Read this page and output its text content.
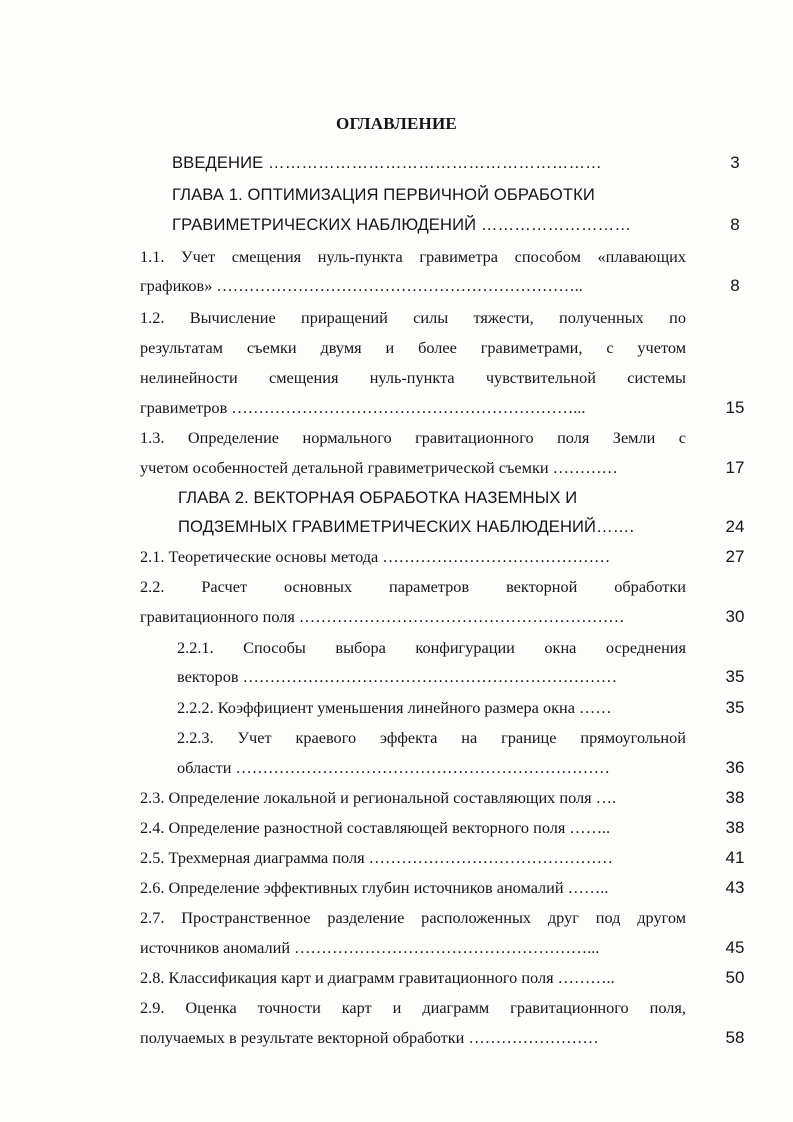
ОГЛАВЛЕНИЕ
ВВЕДЕНИЕ ……………………………………………………	3
ГЛАВА 1. ОПТИМИЗАЦИЯ ПЕРВИЧНОЙ ОБРАБОТКИ
ГРАВИМЕТРИЧЕСКИХ НАБЛЮДЕНИЙ ………………………	8
1.1. Учет смещения нуль-пункта гравиметра способом «плавающих
графиков» …………………………………………………………..	8
1.2. Вычисление приращений силы тяжести, полученных по
результатам съемки двумя и более гравиметрами, с учетом
нелинейности смещения нуль-пункта чувствительной системы
гравиметров ………………………………………………………...	15
1.3. Определение нормального гравитационного поля Земли с
учетом особенностей детальной гравиметрической съемки …………	17
ГЛАВА 2. ВЕКТОРНАЯ ОБРАБОТКА НАЗЕМНЫХ И
ПОДЗЕМНЫХ ГРАВИМЕТРИЧЕСКИХ НАБЛЮДЕНИЙ…….	24
2.1. Теоретические основы метода ……………………………………	27
2.2. Расчет основных параметров векторной обработки
гравитационного поля ……………………………………………………	30
2.2.1. Способы выбора конфигурации окна осреднения
векторов ……………………………………………………………	35
2.2.2. Коэффициент уменьшения линейного размера окна ……	35
2.2.3. Учет краевого эффекта на границе прямоугольной
области ……………………………………………………………	36
2.3. Определение локальной и региональной составляющих поля ….	38
2.4. Определение разностной составляющей векторного поля ……..	38
2.5. Трехмерная диаграмма поля ………………………………………	41
2.6. Определение эффективных глубин источников аномалий ……..	43
2.7. Пространственное разделение расположенных друг под другом
источников аномалий ………………………………………………...	45
2.8. Классификация карт и диаграмм гравитационного поля ………..	50
2.9. Оценка точности карт и диаграмм гравитационного поля,
получаемых в результате векторной обработки ……………………	58
